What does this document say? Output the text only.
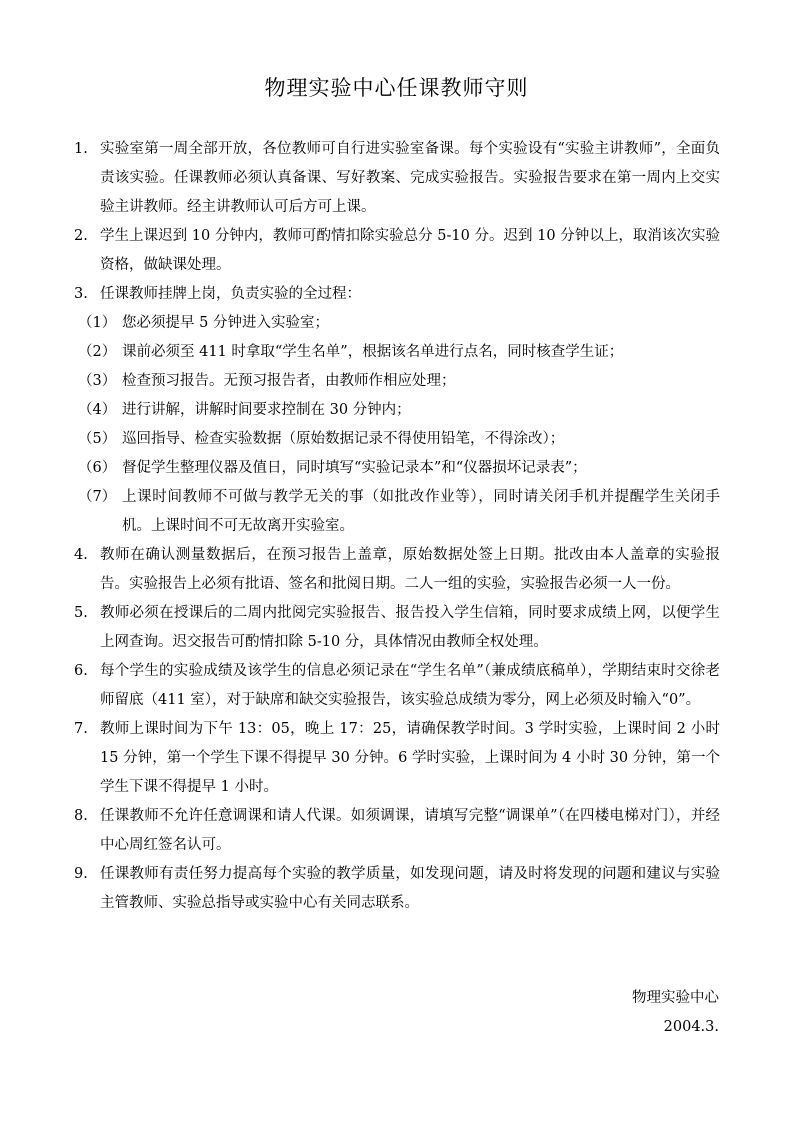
物理实验中心任课教师守则
1. 实验室第一周全部开放，各位教师可自行进实验室备课。每个实验设有“实验主讲教师”，全面负责该实验。任课教师必须认真备课、写好教案、完成实验报告。实验报告要求在第一周内上交实验主讲教师。经主讲教师认可后方可上课。
2. 学生上课迟到 10 分钟内，教师可酌情扣除实验总分 5-10 分。迟到 10 分钟以上，取消该次实验资格，做缺课处理。
3. 任课教师挂牌上岗，负责实验的全过程：
（1） 您必须提早 5 分钟进入实验室；
（2） 课前必须至 411 时拿取“学生名单”，根据该名单进行点名，同时核查学生证；
（3） 检查预习报告。无预习报告者，由教师作相应处理；
（4） 进行讲解，讲解时间要求控制在 30 分钟内；
（5） 巡回指导、检查实验数据（原始数据记录不得使用铅笔，不得涂改）；
（6） 督促学生整理仪器及值日，同时填写“实验记录本”和“仪器损坏记录表”；
（7） 上课时间教师不可做与教学无关的事（如批改作业等），同时请关闭手机并提醒学生关闭手机。上课时间不可无故离开实验室。
4. 教师在确认测量数据后，在预习报告上盖章，原始数据处签上日期。批改由本人盖章的实验报告。实验报告上必须有批语、签名和批阅日期。二人一组的实验，实验报告必须一人一份。
5. 教师必须在授课后的二周内批阅完实验报告、报告投入学生信箱，同时要求成绩上网，以便学生上网查询。迟交报告可酌情扣除 5-10 分，具体情况由教师全权处理。
6. 每个学生的实验成绩及该学生的信息必须记录在“学生名单”（兼成绩底稿单），学期结束时交徐老师留底（411 室），对于缺席和缺交实验报告，该实验总成绩为零分，网上必须及时输入“0”。
7. 教师上课时间为下午 13：05，晚上 17：25，请确保教学时间。3 学时实验，上课时间 2 小时 15 分钟，第一个学生下课不得提早 30 分钟。6 学时实验，上课时间为 4 小时 30 分钟，第一个学生下课不得提早 1 小时。
8. 任课教师不允许任意调课和请人代课。如须调课，请填写完整“调课单”（在四楼电梯对门），并经中心周红签名认可。
9. 任课教师有责任努力提高每个实验的教学质量，如发现问题，请及时将发现的问题和建议与实验主管教师、实验总指导或实验中心有关同志联系。
物理实验中心
2004.3.
